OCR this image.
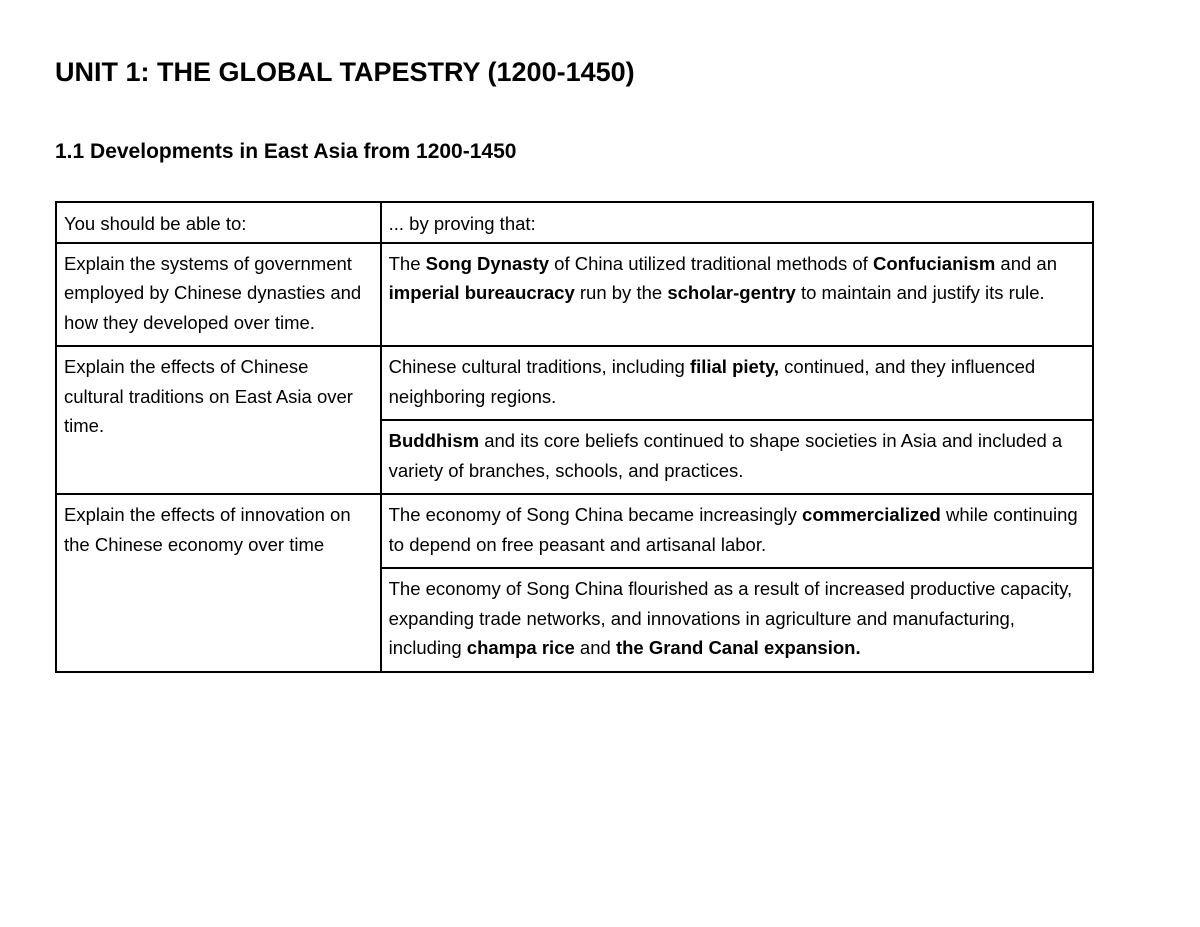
UNIT 1: THE GLOBAL TAPESTRY (1200-1450)
1.1 Developments in East Asia from 1200-1450
You should be able to:	... by proving that:
Explain the systems of government employed by Chinese dynasties and how they developed over time.	The Song Dynasty of China utilized traditional methods of Confucianism and an imperial bureaucracy run by the scholar-gentry to maintain and justify its rule.
Explain the effects of Chinese cultural traditions on East Asia over time.	Chinese cultural traditions, including filial piety, continued, and they influenced neighboring regions.
	Buddhism and its core beliefs continued to shape societies in Asia and included a variety of branches, schools, and practices.
Explain the effects of innovation on the Chinese economy over time	The economy of Song China became increasingly commercialized while continuing to depend on free peasant and artisanal labor.
	The economy of Song China flourished as a result of increased productive capacity, expanding trade networks, and innovations in agriculture and manufacturing, including champa rice and the Grand Canal expansion.
